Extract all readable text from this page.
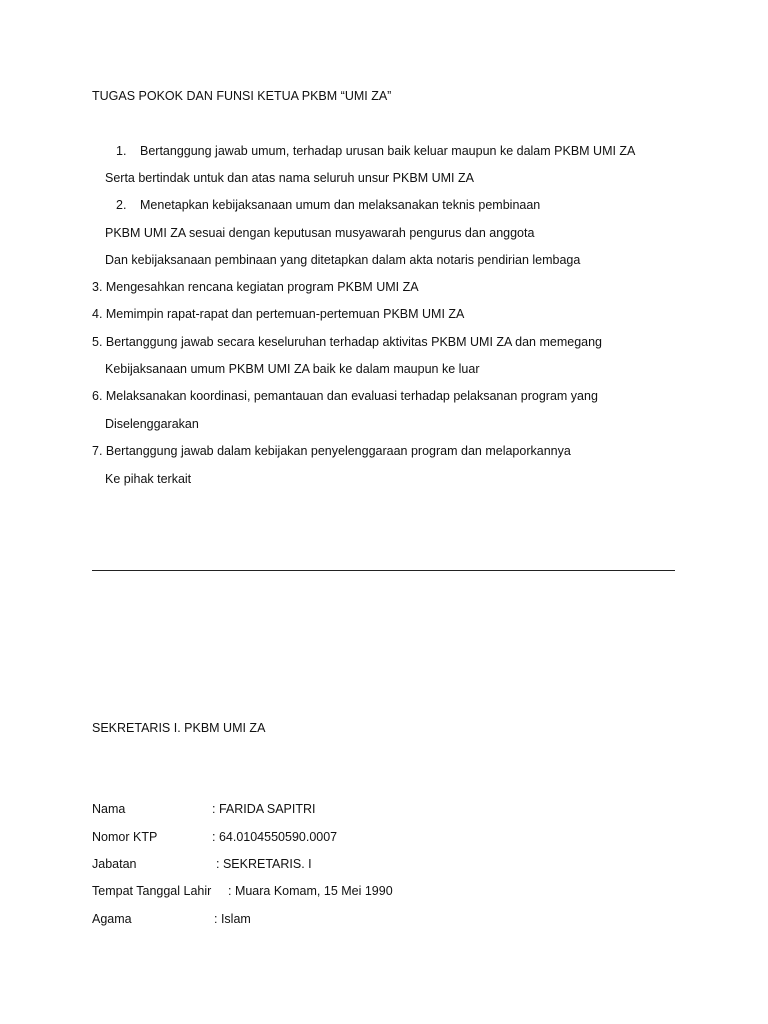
TUGAS POKOK DAN FUNSI KETUA PKBM “UMI ZA”
1. Bertanggung jawab umum, terhadap urusan baik keluar maupun ke dalam PKBM UMI ZA
Serta bertindak untuk dan atas nama seluruh unsur PKBM UMI ZA
2. Menetapkan kebijaksanaan umum dan melaksanakan teknis pembinaan
PKBM UMI ZA sesuai dengan keputusan musyawarah pengurus dan anggota
Dan kebijaksanaan pembinaan yang ditetapkan dalam akta notaris pendirian lembaga
3. Mengesahkan rencana kegiatan program PKBM UMI ZA
4. Memimpin rapat-rapat dan pertemuan-pertemuan PKBM UMI ZA
5. Bertanggung jawab secara keseluruhan terhadap aktivitas PKBM UMI ZA dan memegang
Kebijaksanaan umum PKBM UMI ZA baik ke dalam maupun ke luar
6. Melaksanakan koordinasi, pemantauan dan evaluasi terhadap pelaksanan program yang
Diselenggarakan
7. Bertanggung jawab dalam kebijakan penyelenggaraan program dan melaporkannya
Ke pihak terkait
SEKRETARIS I. PKBM UMI ZA
Nama	: FARIDA SAPITRI
Nomor KTP	: 64.0104550590.0007
Jabatan	: SEKRETARIS. I
Tempat Tanggal Lahir : Muara Komam, 15 Mei 1990
Agama	: Islam
